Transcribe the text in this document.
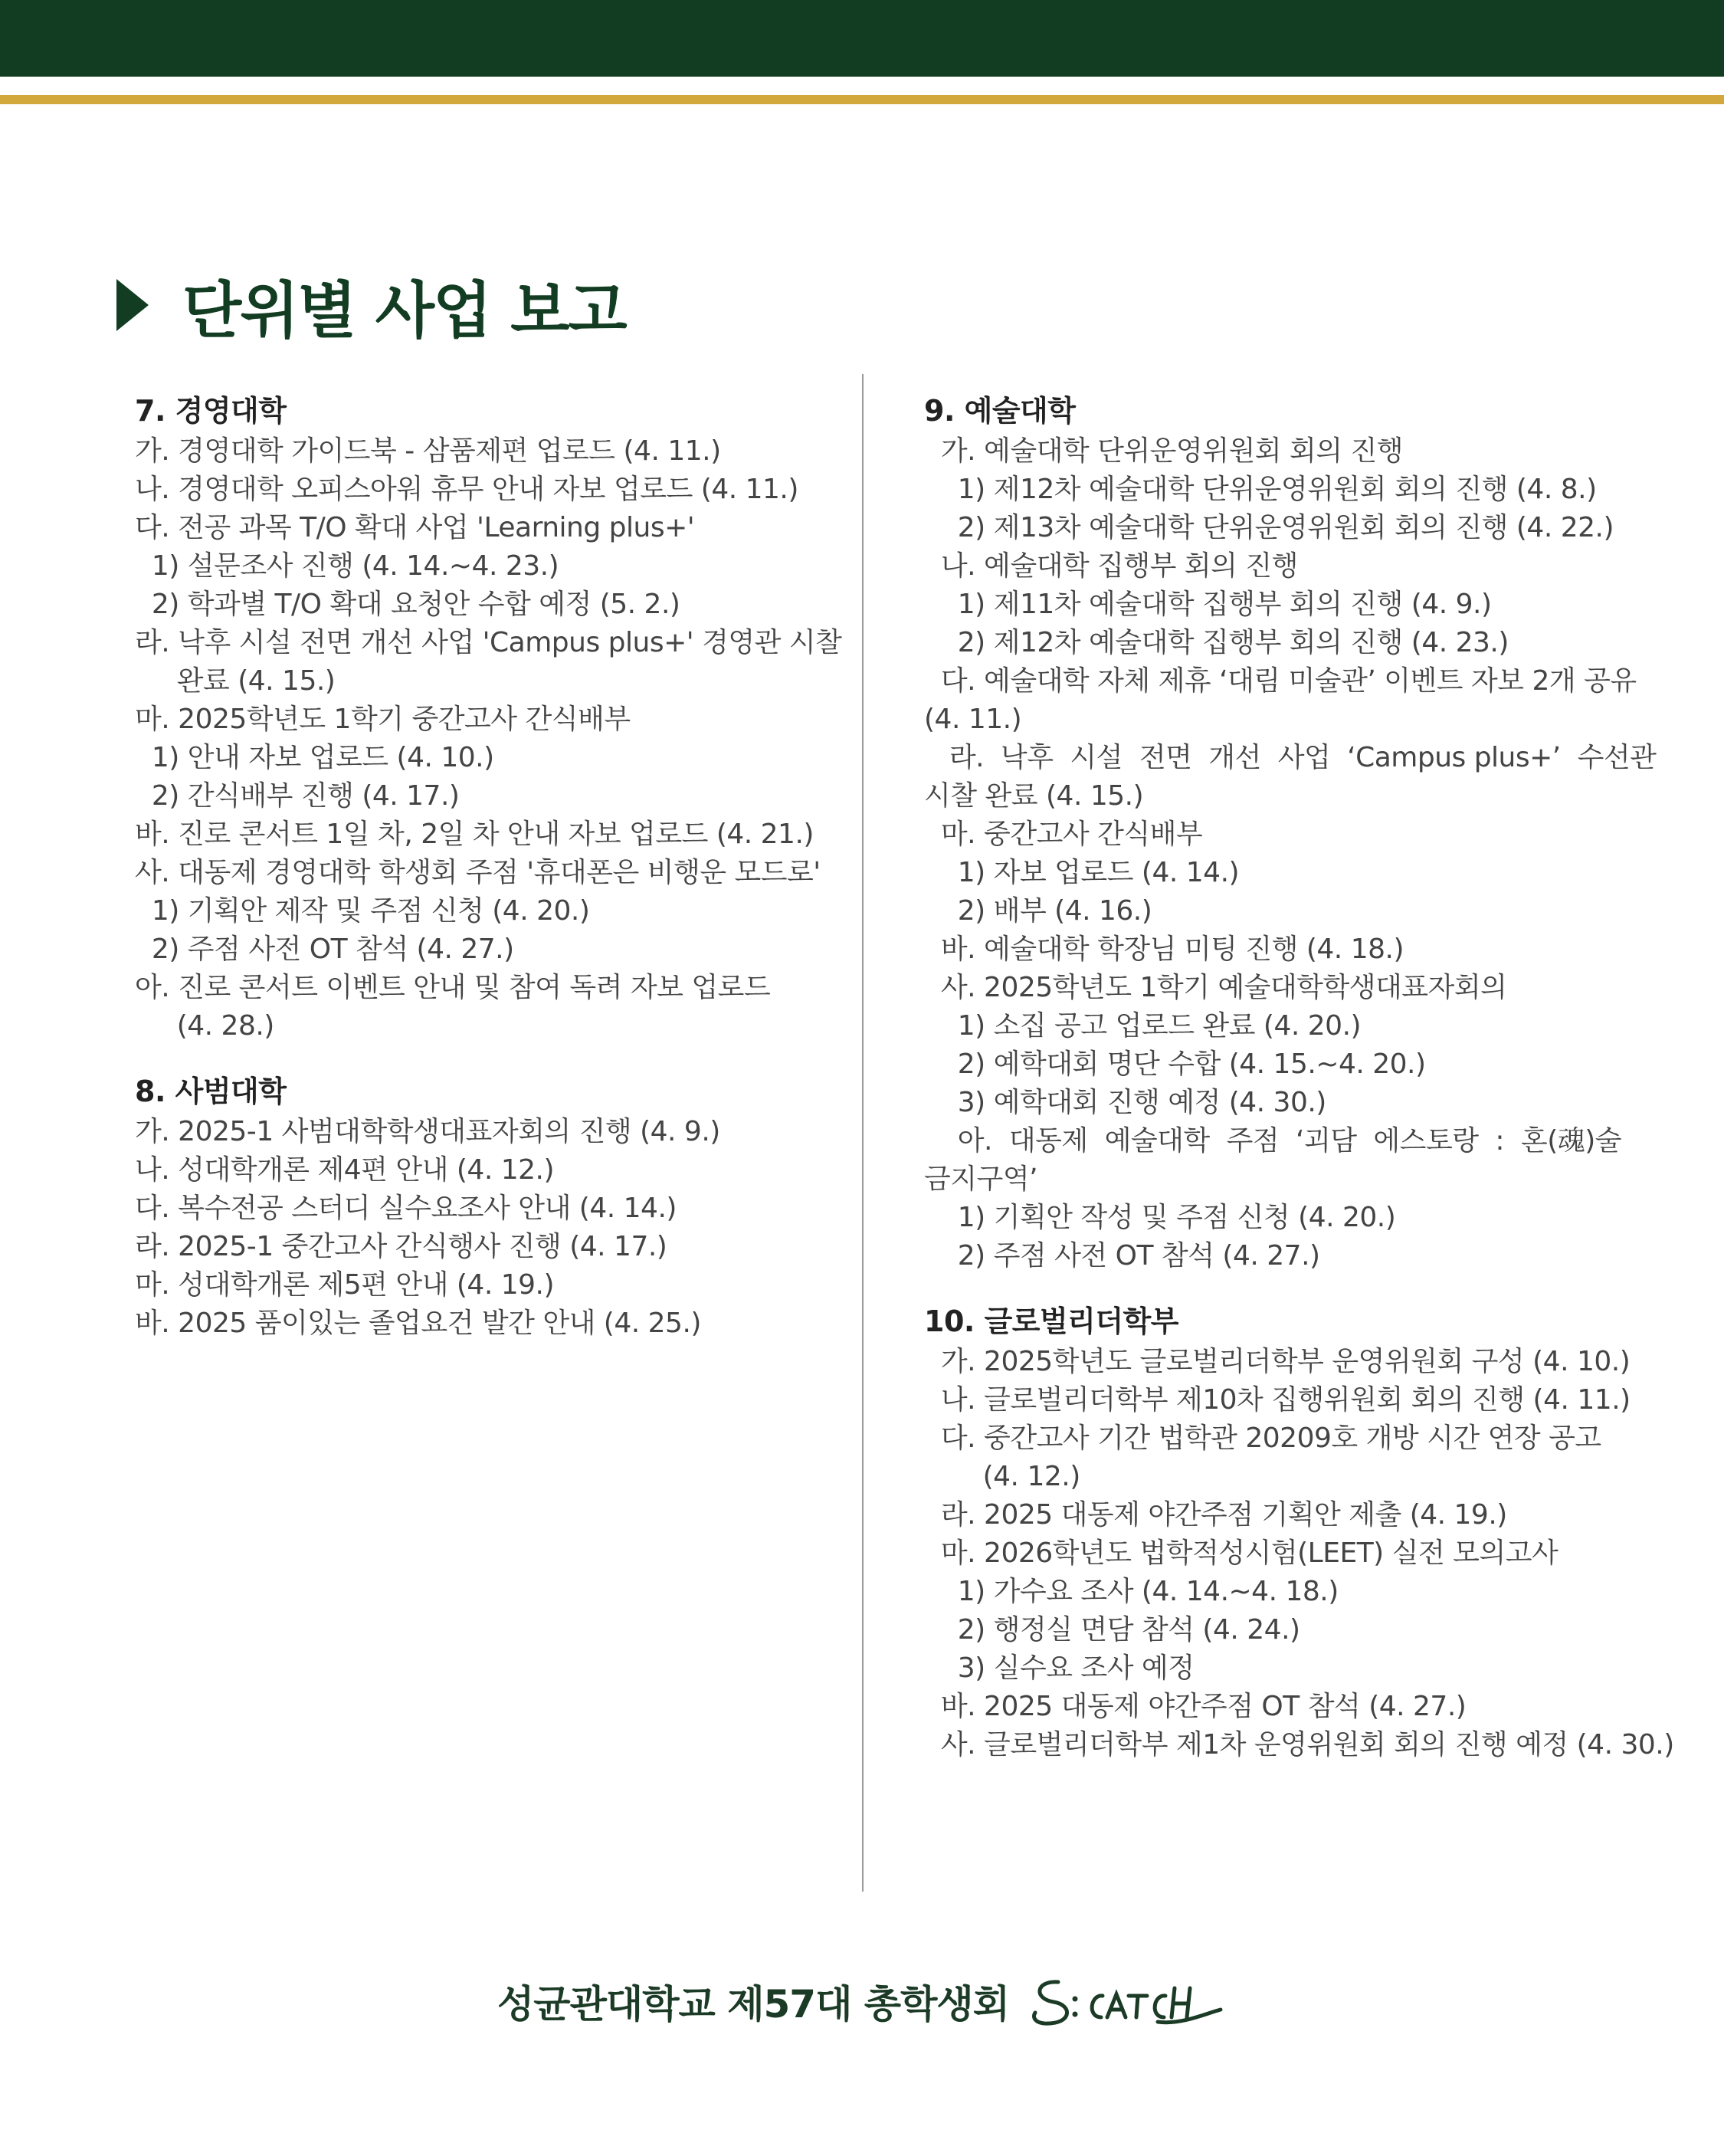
단위별 사업 보고
7. 경영대학
가. 경영대학 가이드북 - 삼품제편 업로드 (4. 11.)
나. 경영대학 오피스아워 휴무 안내 자보 업로드 (4. 11.)
다. 전공 과목 T/O 확대 사업 'Learning plus+'
1) 설문조사 진행 (4. 14.~4. 23.)
2) 학과별 T/O 확대 요청안 수합 예정 (5. 2.)
라. 낙후 시설 전면 개선 사업 'Campus plus+' 경영관 시찰
완료 (4. 15.)
마. 2025학년도 1학기 중간고사 간식배부
1) 안내 자보 업로드 (4. 10.)
2) 간식배부 진행 (4. 17.)
바. 진로 콘서트 1일 차, 2일 차 안내 자보 업로드 (4. 21.)
사. 대동제 경영대학 학생회 주점 '휴대폰은 비행운 모드로'
1) 기획안 제작 및 주점 신청 (4. 20.)
2) 주점 사전 OT 참석 (4. 27.)
아. 진로 콘서트 이벤트 안내 및 참여 독려 자보 업로드
(4. 28.)
8. 사범대학
가. 2025-1 사범대학학생대표자회의 진행 (4. 9.)
나. 성대학개론 제4편 안내 (4. 12.)
다. 복수전공 스터디 실수요조사 안내 (4. 14.)
라. 2025-1 중간고사 간식행사 진행 (4. 17.)
마. 성대학개론 제5편 안내 (4. 19.)
바. 2025 품이있는 졸업요건 발간 안내 (4. 25.)
9. 예술대학
가. 예술대학 단위운영위원회 회의 진행
1) 제12차 예술대학 단위운영위원회 회의 진행 (4. 8.)
2) 제13차 예술대학 단위운영위원회 회의 진행 (4. 22.)
나. 예술대학 집행부 회의 진행
1) 제11차 예술대학 집행부 회의 진행 (4. 9.)
2) 제12차 예술대학 집행부 회의 진행 (4. 23.)
다. 예술대학 자체 제휴 ‘대림 미술관’ 이벤트 자보 2개 공유
(4. 11.)
라.  낙후  시설  전면  개선  사업  ‘Campus plus+’  수선관
시찰 완료 (4. 15.)
마. 중간고사 간식배부
1) 자보 업로드 (4. 14.)
2) 배부 (4. 16.)
바. 예술대학 학장님 미팅 진행 (4. 18.)
사. 2025학년도 1학기 예술대학학생대표자회의
1) 소집 공고 업로드 완료 (4. 20.)
2) 예학대회 명단 수합 (4. 15.~4. 20.)
3) 예학대회 진행 예정 (4. 30.)
아.  대동제  예술대학  주점  ‘괴담  에스토랑  :  혼(魂)술
금지구역’
1) 기획안 작성 및 주점 신청 (4. 20.)
2) 주점 사전 OT 참석 (4. 27.)
10. 글로벌리더학부
가. 2025학년도 글로벌리더학부 운영위원회 구성 (4. 10.)
나. 글로벌리더학부 제10차 집행위원회 회의 진행 (4. 11.)
다. 중간고사 기간 법학관 20209호 개방 시간 연장 공고
(4. 12.)
라. 2025 대동제 야간주점 기획안 제출 (4. 19.)
마. 2026학년도 법학적성시험(LEET) 실전 모의고사
1) 가수요 조사 (4. 14.~4. 18.)
2) 행정실 면담 참석 (4. 24.)
3) 실수요 조사 예정
바. 2025 대동제 야간주점 OT 참석 (4. 27.)
사. 글로벌리더학부 제1차 운영위원회 회의 진행 예정 (4. 30.)
성균관대학교 제57대 총학생회
